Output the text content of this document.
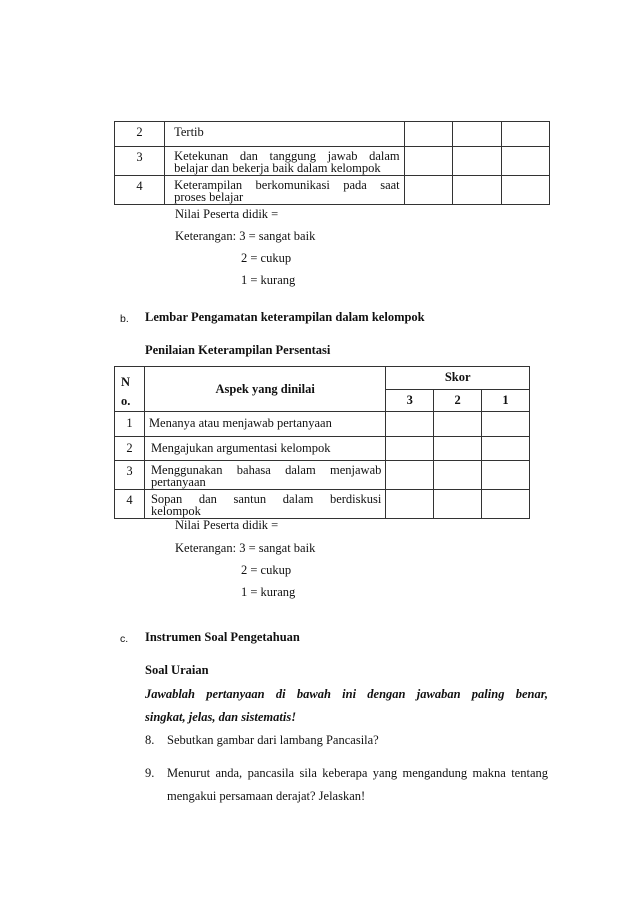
2	Tertib			
3	Ketekunan dan tanggung jawab dalam
belajar dan bekerja baik dalam kelompok			

4	Keterampilan berkomunikasi pada saat
proses belajar			

Nilai Peserta didik =
Keterangan: 3 = sangat baik
2 = cukup
1 = kurang
b. Lembar Pengamatan keterampilan dalam kelompok
Penilaian Keterampilan Persentasi
N
o.	Aspek yang dinilai	Skor		
		3	2	1
1	Menanya atau menjawab pertanyaan			
2	Mengajukan argumentasi kelompok			
3	Menggunakan bahasa dalam menjawab
pertanyaan			

4	Sopan dan santun dalam berdiskusi
kelompok			

Nilai Peserta didik =
Keterangan: 3 = sangat baik
2 = cukup
1 = kurang
c. Instrumen Soal Pengetahuan
Soal Uraian
Jawablah pertanyaan di bawah ini dengan jawaban paling benar,
singkat, jelas, dan sistematis!
8. Sebutkan gambar dari lambang Pancasila?
9. Menurut anda, pancasila sila keberapa yang mengandung makna tentang
mengakui persamaan derajat? Jelaskan!
